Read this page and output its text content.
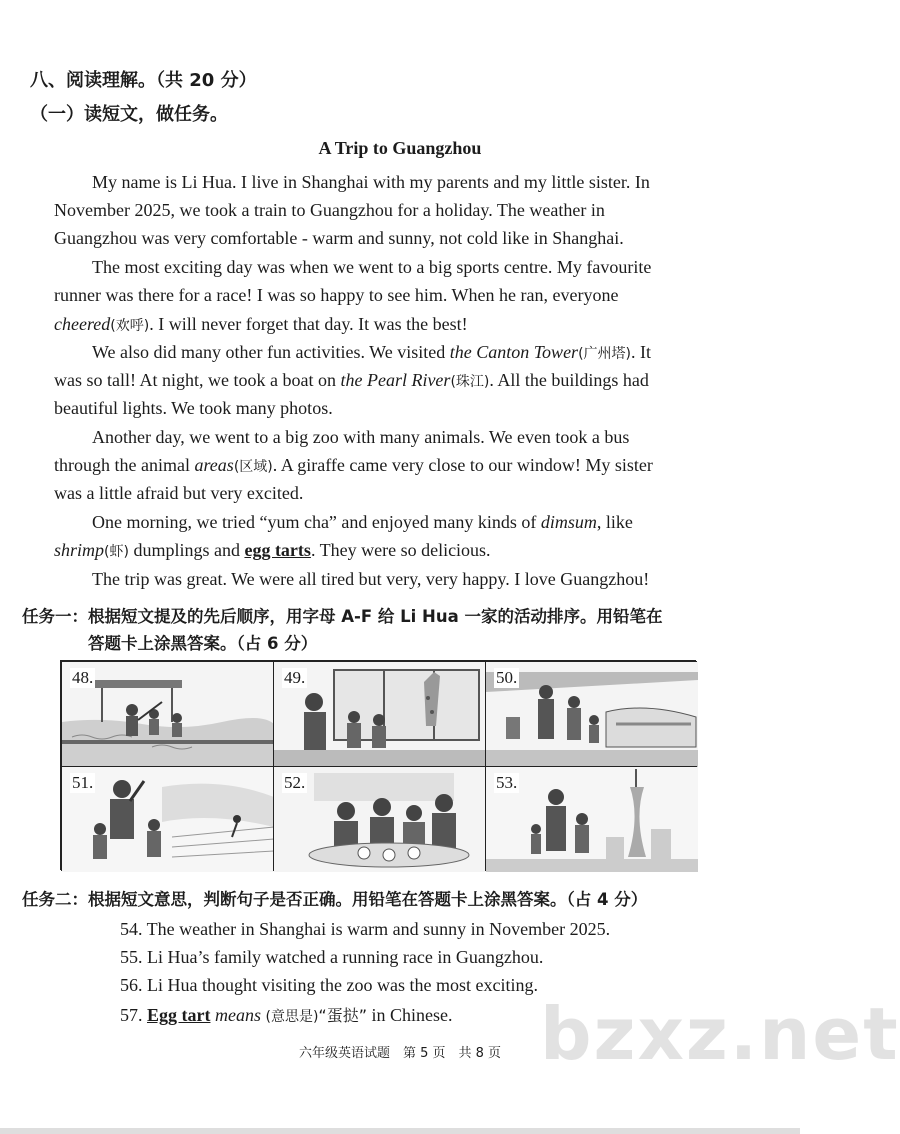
八、阅读理解。（共 20 分）
（一）读短文，做任务。
A Trip to Guangzhou
My name is Li Hua. I live in Shanghai with my parents and my little sister. In
November 2025, we took a train to Guangzhou for a holiday. The weather in
Guangzhou was very comfortable - warm and sunny, not cold like in Shanghai.
The most exciting day was when we went to a big sports centre. My favourite
runner was there for a race! I was so happy to see him. When he ran, everyone
cheered(欢呼). I will never forget that day. It was the best!
We also did many other fun activities. We visited the Canton Tower(广州塔). It
was so tall! At night, we took a boat on the Pearl River(珠江). All the buildings had
beautiful lights. We took many photos.
Another day, we went to a big zoo with many animals. We even took a bus
through the animal areas(区域). A giraffe came very close to our window! My sister
was a little afraid but very excited.
One morning, we tried “yum cha” and enjoyed many kinds of dimsum, like
shrimp(虾) dumplings and egg tarts. They were so delicious.
The trip was great. We were all tired but very, very happy. I love Guangzhou!
任务一：根据短文提及的先后顺序，用字母 A-F 给 Li Hua 一家的活动排序。用铅笔在
答题卡上涂黑答案。（占 6 分）
48.	49.	50.
51.	52.	53.
任务二：根据短文意思，判断句子是否正确。用铅笔在答题卡上涂黑答案。（占 4 分）
54. The weather in Shanghai is warm and sunny in November 2025.
55. Li Hua’s family watched a running race in Guangzhou.
56. Li Hua thought visiting the zoo was the most exciting.
57. Egg tart means (意思是)“蛋挞” in Chinese. bzxz.net
六年级英语试题　第 5 页　共 8 页
